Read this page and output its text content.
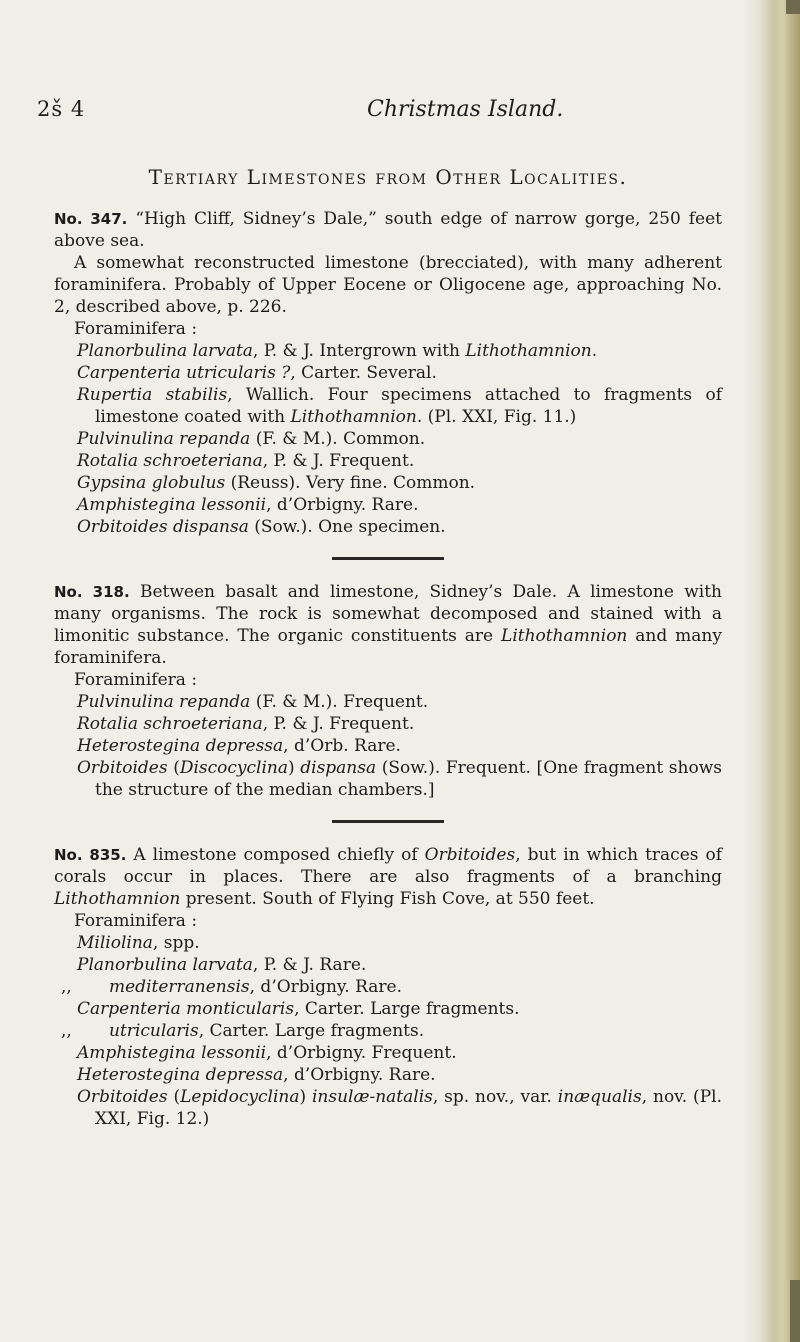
2š 4	Christmas Island.
Tertiary Limestones from Other Localities.

No. 347. “High Cliff, Sidney’s Dale,” south edge of narrow gorge, 250 feet above sea.

A somewhat reconstructed limestone (brecciated), with many adherent foraminifera. Probably of Upper Eocene or Oligocene age, approaching No. 2, described above, p. 226.

Foraminifera :

Planorbulina larvata, P. & J. Intergrown with Lithothamnion.
Carpenteria utricularis ?, Carter. Several.
Rupertia stabilis, Wallich. Four specimens attached to fragments of limestone coated with Lithothamnion. (Pl. XXI, Fig. 11.)
Pulvinulina repanda (F. & M.). Common.
Rotalia schroeteriana, P. & J. Frequent.
Gypsina globulus (Reuss). Very fine. Common.
Amphistegina lessonii, d’Orbigny. Rare.
Orbitoides dispansa (Sow.). One specimen.

No. 318. Between basalt and limestone, Sidney’s Dale. A limestone with many organisms. The rock is somewhat decomposed and stained with a limonitic substance. The organic constituents are Lithothamnion and many foraminifera.

Foraminifera :

Pulvinulina repanda (F. & M.). Frequent.
Rotalia schroeteriana, P. & J. Frequent.
Heterostegina depressa, d’Orb. Rare.
Orbitoides (Discocyclina) dispansa (Sow.). Frequent. [One fragment shows the structure of the median chambers.]

No. 835. A limestone composed chiefly of Orbitoides, but in which traces of corals occur in places. There are also fragments of a branching Lithothamnion present. South of Flying Fish Cove, at 550 feet.

Foraminifera :

Miliolina, spp.
Planorbulina larvata, P. & J. Rare.
,, mediterranensis, d’Orbigny. Rare.
Carpenteria monticularis, Carter. Large fragments.
,, utricularis, Carter. Large fragments.
Amphistegina lessonii, d’Orbigny. Frequent.
Heterostegina depressa, d’Orbigny. Rare.
Orbitoides (Lepidocyclina) insulæ-natalis, sp. nov., var. inæqualis, nov. (Pl. XXI, Fig. 12.)
